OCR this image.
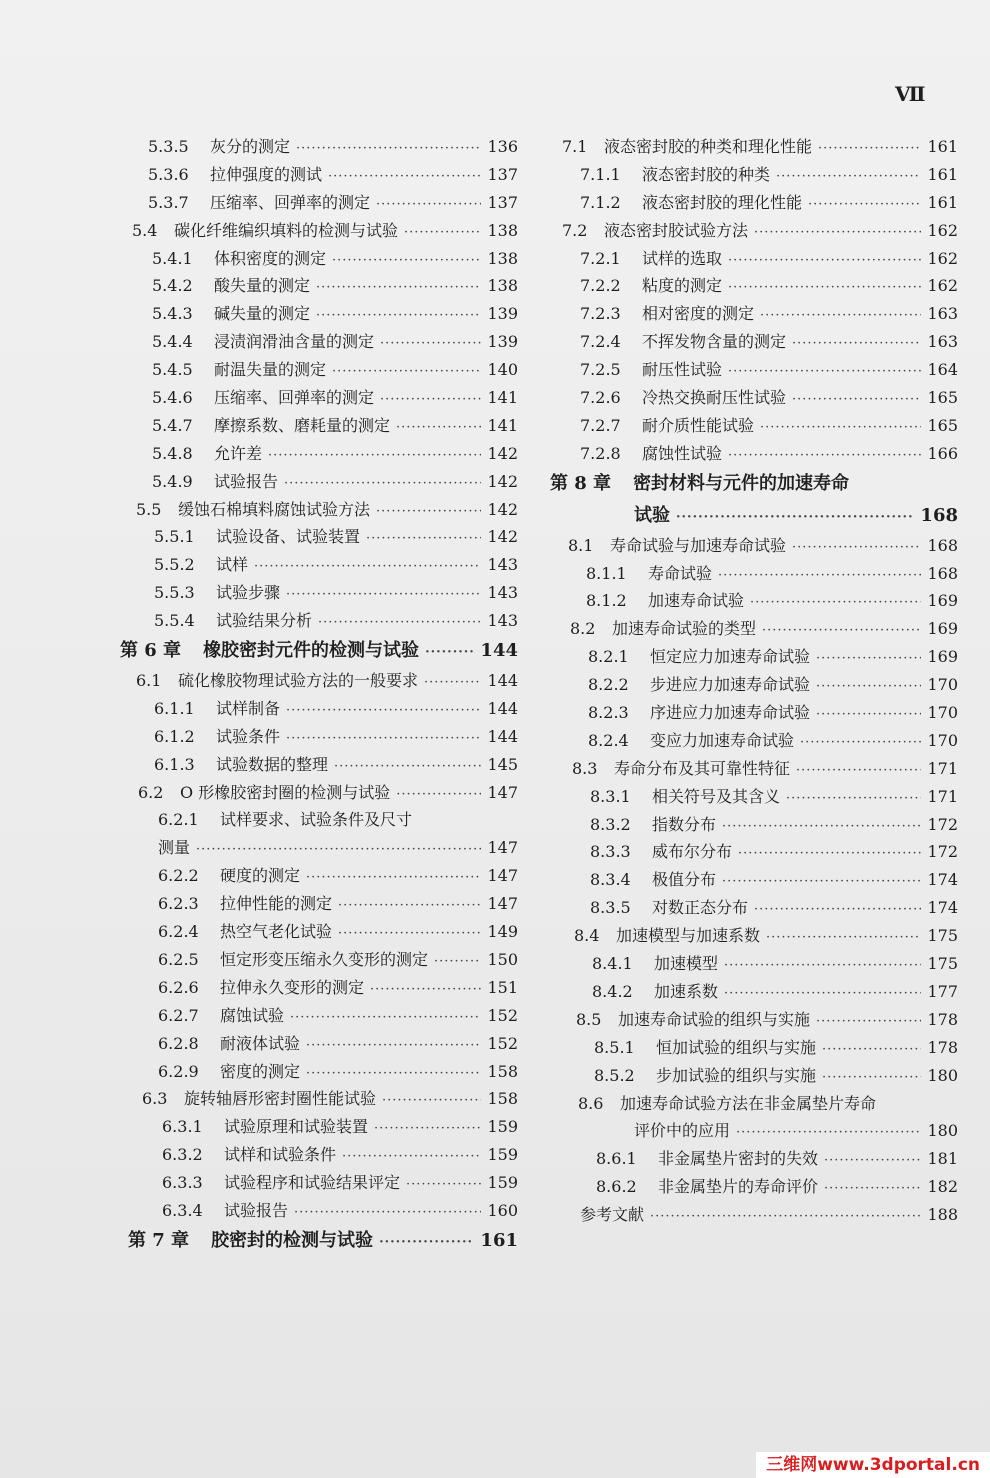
Ⅶ
5.3.5	灰分的测定 ·····	136
5.3.6	拉伸强度的测试 ·····	137
5.3.7	压缩率、回弹率的测定 ·····	137
5.4	碳化纤维编织填料的检测与试验 ·····	138
5.4.1	体积密度的测定 ·····	138
5.4.2	酸失量的测定 ·····	138
5.4.3	碱失量的测定 ·····	139
5.4.4	浸渍润滑油含量的测定 ·····	139
5.4.5	耐温失量的测定 ·····	140
5.4.6	压缩率、回弹率的测定 ·····	141
5.4.7	摩擦系数、磨耗量的测定 ·····	141
5.4.8	允许差 ·····	142
5.4.9	试验报告 ·····	142
5.5	缓蚀石棉填料腐蚀试验方法 ·····	142
5.5.1	试验设备、试验装置 ·····	142
5.5.2	试样 ·····	143
5.5.3	试验步骤 ·····	143
5.5.4	试验结果分析 ·····	143
第 6 章 橡胶密封元件的检测与试验 ·····	144
6.1	硫化橡胶物理试验方法的一般要求 ·····	144
6.1.1	试样制备 ·····	144
6.1.2	试验条件 ·····	144
6.1.3	试验数据的整理 ·····	145
6.2	O 形橡胶密封圈的检测与试验 ·····	147
6.2.1	试样要求、试验条件及尺寸
测量 ·····	147
6.2.2	硬度的测定 ·····	147
6.2.3	拉伸性能的测定 ·····	147
6.2.4	热空气老化试验 ·····	149
6.2.5	恒定形变压缩永久变形的测定 ·····	150
6.2.6	拉伸永久变形的测定 ·····	151
6.2.7	腐蚀试验 ·····	152
6.2.8	耐液体试验 ·····	152
6.2.9	密度的测定 ·····	158
6.3	旋转轴唇形密封圈性能试验 ·····	158
6.3.1	试验原理和试验装置 ·····	159
6.3.2	试样和试验条件 ·····	159
6.3.3	试验程序和试验结果评定 ·····	159
6.3.4	试验报告 ·····	160
第 7 章 胶密封的检测与试验 ·····	161
7.1	液态密封胶的种类和理化性能 ·····	161
7.1.1	液态密封胶的种类 ·····	161
7.1.2	液态密封胶的理化性能 ·····	161
7.2	液态密封胶试验方法 ·····	162
7.2.1	试样的选取 ·····	162
7.2.2	粘度的测定 ·····	162
7.2.3	相对密度的测定 ·····	163
7.2.4	不挥发物含量的测定 ·····	163
7.2.5	耐压性试验 ·····	164
7.2.6	冷热交换耐压性试验 ·····	165
7.2.7	耐介质性能试验 ·····	165
7.2.8	腐蚀性试验 ·····	166
第 8 章 密封材料与元件的加速寿命
试验 ·····	168
8.1	寿命试验与加速寿命试验 ·····	168
8.1.1	寿命试验 ·····	168
8.1.2	加速寿命试验 ·····	169
8.2	加速寿命试验的类型 ·····	169
8.2.1	恒定应力加速寿命试验 ·····	169
8.2.2	步进应力加速寿命试验 ·····	170
8.2.3	序进应力加速寿命试验 ·····	170
8.2.4	变应力加速寿命试验 ·····	170
8.3	寿命分布及其可靠性特征 ·····	171
8.3.1	相关符号及其含义 ·····	171
8.3.2	指数分布 ·····	172
8.3.3	威布尔分布 ·····	172
8.3.4	极值分布 ·····	174
8.3.5	对数正态分布 ·····	174
8.4	加速模型与加速系数 ·····	175
8.4.1	加速模型 ·····	175
8.4.2	加速系数 ·····	177
8.5	加速寿命试验的组织与实施 ·····	178
8.5.1	恒加试验的组织与实施 ·····	178
8.5.2	步加试验的组织与实施 ·····	180
8.6	加速寿命试验方法在非金属垫片寿命
评价中的应用 ·····	180
8.6.1	非金属垫片密封的失效 ·····	181
8.6.2	非金属垫片的寿命评价 ·····	182
参考文献 ·····	188
三维网www.3dportal.cn
